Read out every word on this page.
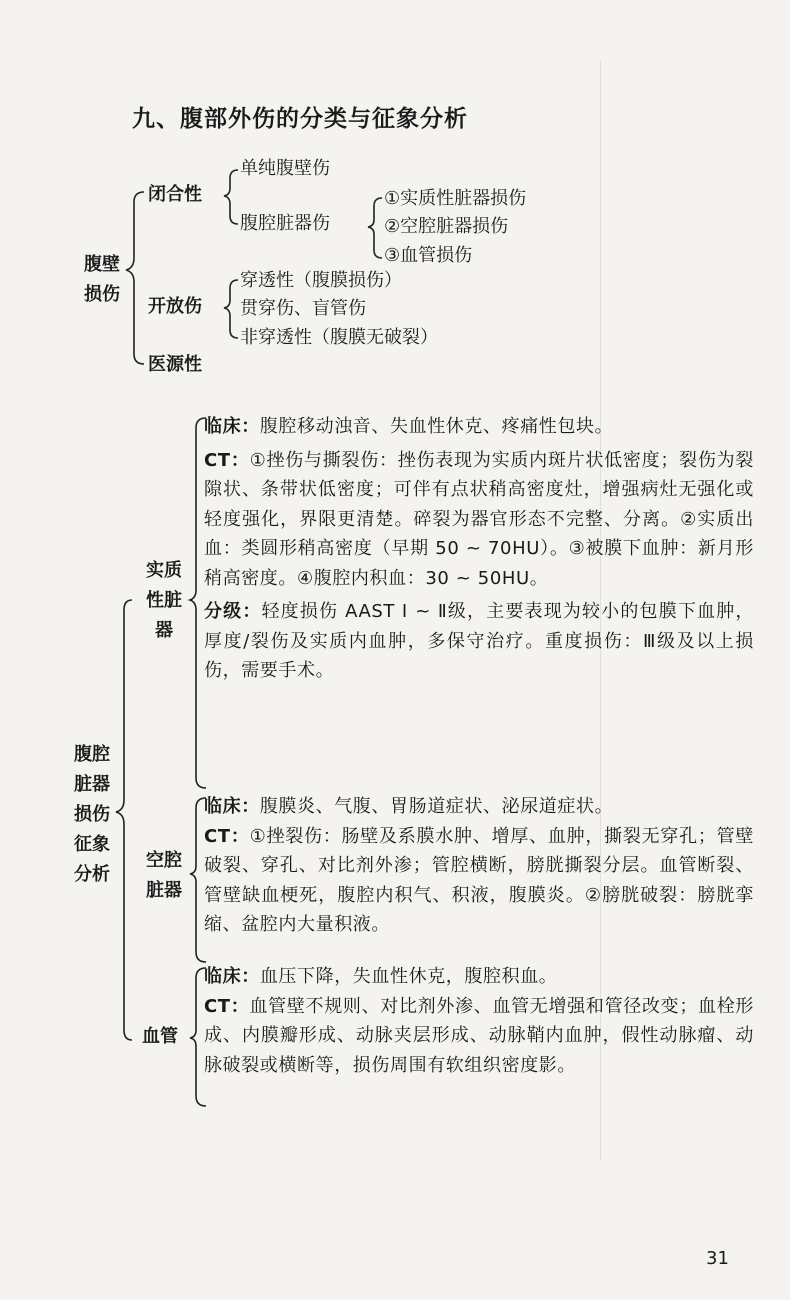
九、腹部外伤的分类与征象分析
腹壁
损伤
闭合性
单纯腹壁伤
腹腔脏器伤
①实质性脏器损伤
②空腔脏器损伤
③血管损伤
开放伤
穿透性（腹膜损伤）
贯穿伤、盲管伤
非穿透性（腹膜无破裂）
医源性
腹腔
脏器
损伤
征象
分析
实质
性脏
器
临床：腹腔移动浊音、失血性休克、疼痛性包块。
CT：①挫伤与撕裂伤：挫伤表现为实质内斑片状低密度；裂伤为裂隙状、条带状低密度；可伴有点状稍高密度灶，增强病灶无强化或轻度强化，界限更清楚。碎裂为器官形态不完整、分离。②实质出血：类圆形稍高密度（早期 50 ~ 70HU）。③被膜下血肿：新月形稍高密度。④腹腔内积血：30 ~ 50HU。
分级：轻度损伤 AAST Ⅰ ~ Ⅱ级，主要表现为较小的包膜下血肿，厚度/裂伤及实质内血肿，多保守治疗。重度损伤：Ⅲ级及以上损伤，需要手术。
空腔
脏器
临床：腹膜炎、气腹、胃肠道症状、泌尿道症状。
CT：①挫裂伤：肠壁及系膜水肿、增厚、血肿，撕裂无穿孔；管壁破裂、穿孔、对比剂外渗；管腔横断，膀胱撕裂分层。血管断裂、管壁缺血梗死，腹腔内积气、积液，腹膜炎。②膀胱破裂：膀胱挛缩、盆腔内大量积液。
血管
临床：血压下降，失血性休克，腹腔积血。
CT：血管壁不规则、对比剂外渗、血管无增强和管径改变；血栓形成、内膜瓣形成、动脉夹层形成、动脉鞘内血肿，假性动脉瘤、动脉破裂或横断等，损伤周围有软组织密度影。
31
